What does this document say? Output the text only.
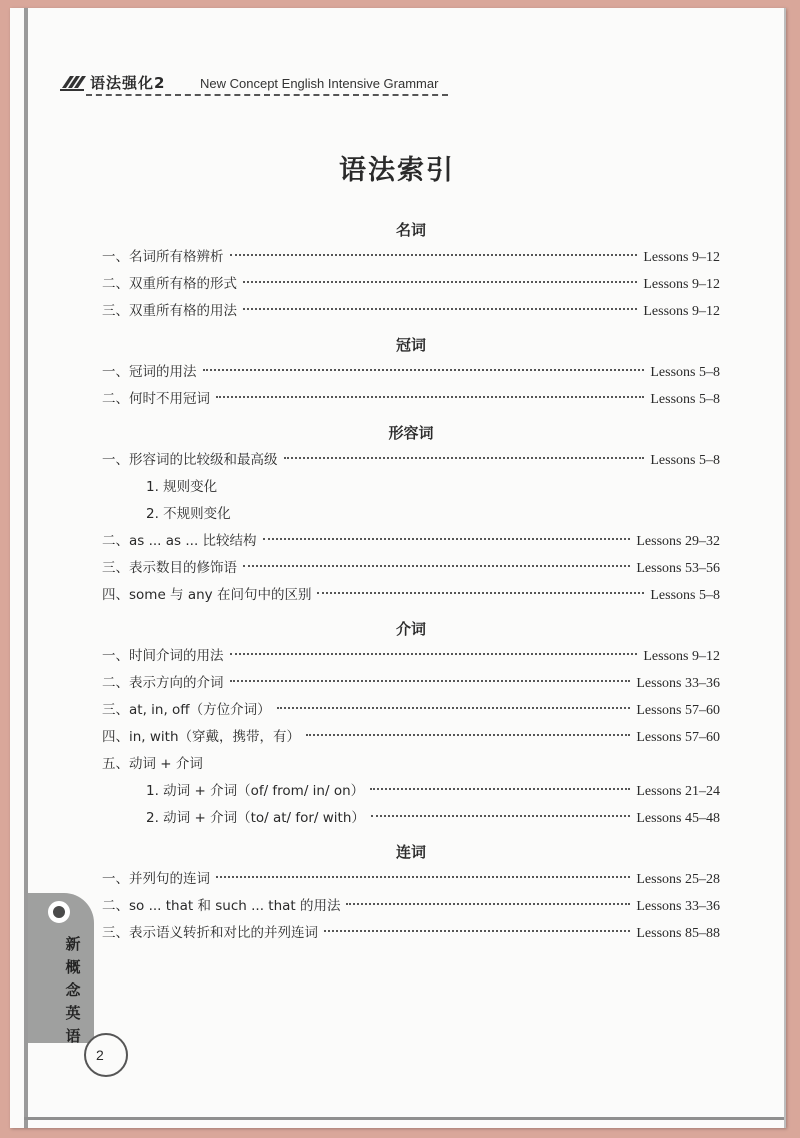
语法强化2	New Concept English Intensive Grammar
语法索引
名词
一、名词所有格辨析	Lessons 9–12
二、双重所有格的形式	Lessons 9–12
三、双重所有格的用法	Lessons 9–12
冠词
一、冠词的用法	Lessons 5–8
二、何时不用冠词	Lessons 5–8
形容词
一、形容词的比较级和最高级	Lessons 5–8
1. 规则变化
2. 不规则变化
二、as ... as ... 比较结构	Lessons 29–32
三、表示数目的修饰语	Lessons 53–56
四、some 与 any 在问句中的区别	Lessons 5–8
介词
一、时间介词的用法	Lessons 9–12
二、表示方向的介词	Lessons 33–36
三、at, in, off（方位介词）	Lessons 57–60
四、in, with（穿戴，携带，有）	Lessons 57–60
五、动词 + 介词
1. 动词 + 介词（of/ from/ in/ on）	Lessons 21–24
2. 动词 + 介词（to/ at/ for/ with）	Lessons 45–48
连词
一、并列句的连词	Lessons 25–28
二、so ... that 和 such ... that 的用法	Lessons 33–36
三、表示语义转折和对比的并列连词	Lessons 85–88
新
概
念
英
语
2
